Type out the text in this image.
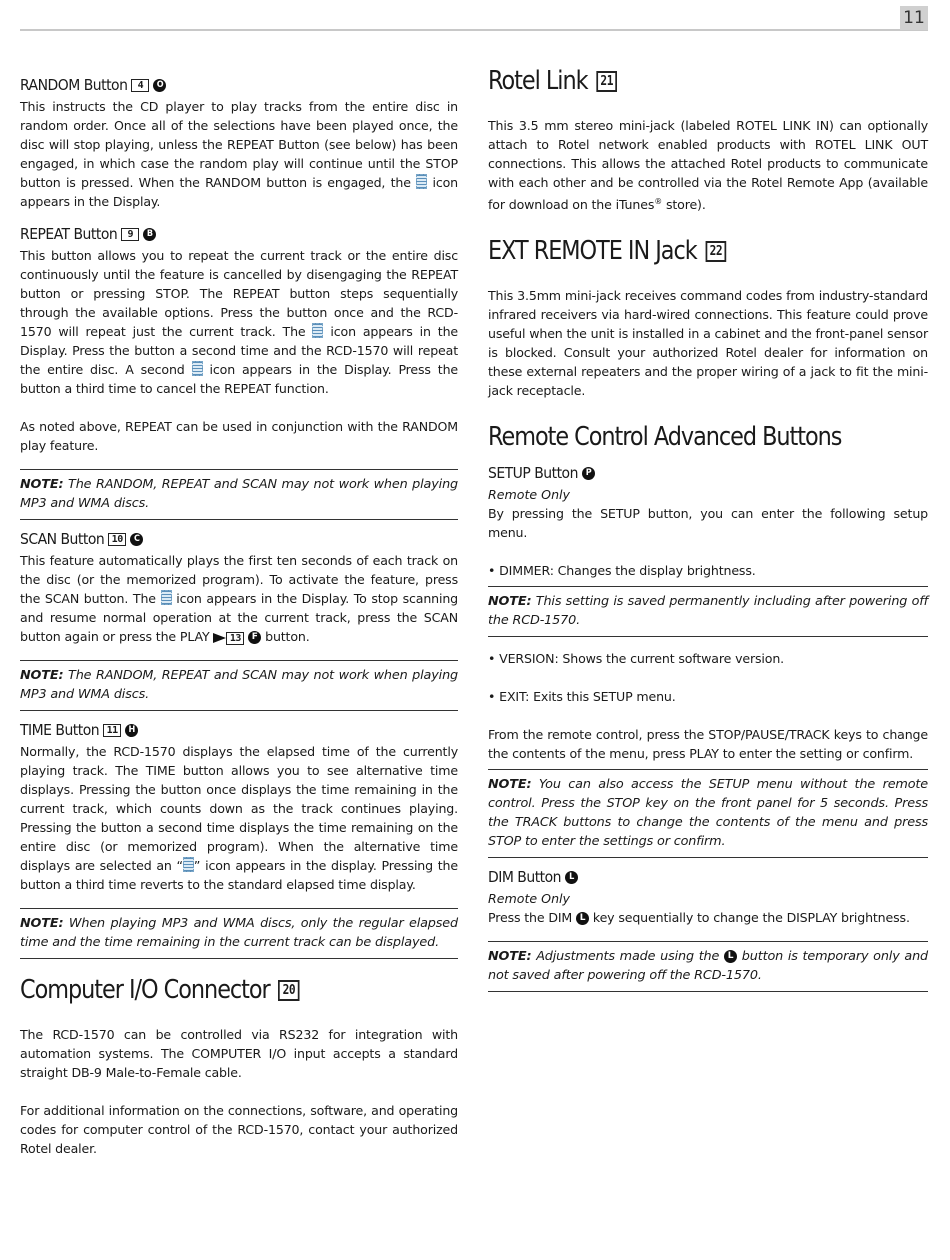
11
RANDOM Button	4	O

This instructs the CD player to play tracks from the entire disc in random order. Once all of the selections have been played once, the disc will stop playing, unless the REPEAT Button (see below) has been engaged, in which case the random play will continue until the STOP button is pressed. When the RANDOM button is engaged, the icon appears in the Display.

REPEAT Button	9	B

This button allows you to repeat the current track or the entire disc continuously until the feature is cancelled by disengaging the REPEAT button or pressing STOP. The REPEAT button steps sequentially through the available options. Press the button once and the RCD-1570 will repeat just the current track. The icon appears in the Display. Press the button a second time and the RCD-1570 will repeat the entire disc. A second icon appears in the Display. Press the button a third time to cancel the REPEAT function.

As noted above, REPEAT can be used in conjunction with the RANDOM play feature.

NOTE: The RANDOM, REPEAT and SCAN may not work when playing MP3 and WMA discs.
SCAN Button 10	C

This feature automatically plays the first ten seconds of each track on the disc (or the memorized program). To activate the feature, press the SCAN button. The icon appears in the Display. To stop scanning and resume normal operation at the current track, press the SCAN button again or press the PLAY 13 F button.

NOTE: The RANDOM, REPEAT and SCAN may not work when playing MP3 and WMA discs.
TIME Button 11	H

Normally, the RCD-1570 displays the elapsed time of the currently playing track. The TIME button allows you to see alternative time displays. Pressing the button once displays the time remaining in the current track, which counts down as the track continues playing. Pressing the button a second time displays the time remaining on the entire disc (or memorized program). When the alternative time displays are selected an “ ” icon appears in the display. Pressing the button a third time reverts to the standard elapsed time display.

NOTE: When playing MP3 and WMA discs, only the regular elapsed time and the time remaining in the current track can be displayed.
Computer I/O Connector 20

The RCD-1570 can be controlled via RS232 for integration with automation systems. The COMPUTER I/O input accepts a standard straight DB-9 Male-to-Female cable.

For additional information on the connections, software, and operating codes for computer control of the RCD-1570, contact your authorized Rotel dealer.

Rotel Link 21

This 3.5 mm stereo mini-jack (labeled ROTEL LINK IN) can optionally attach to Rotel network enabled products with ROTEL LINK OUT connections. This allows the attached Rotel products to communicate with each other and be controlled via the Rotel Remote App (available for download on the iTunes® store).

EXT REMOTE IN Jack 22

This 3.5mm mini-jack receives command codes from industry-standard infrared receivers via hard-wired connections. This feature could prove useful when the unit is installed in a cabinet and the front-panel sensor is blocked. Consult your authorized Rotel dealer for information on these external repeaters and the proper wiring of a jack to fit the mini-jack receptacle.

Remote Control Advanced Buttons
SETUP Button P
Remote Only

By pressing the SETUP button, you can enter the following setup menu.

• DIMMER: Changes the display brightness.

NOTE: This setting is saved permanently including after powering off the RCD-1570.

• VERSION: Shows the current software version.

• EXIT: Exits this SETUP menu.

From the remote control, press the STOP/PAUSE/TRACK keys to change the contents of the menu, press PLAY to enter the setting or confirm.

NOTE: You can also access the SETUP menu without the remote control. Press the STOP key on the front panel for 5 seconds. Press the TRACK buttons to change the contents of the menu and press STOP to enter the settings or confirm.
DIM Button L
Remote Only

Press the DIM L key sequentially to change the DISPLAY brightness.

NOTE: Adjustments made using the L button is temporary only and not saved after powering off the RCD-1570.
